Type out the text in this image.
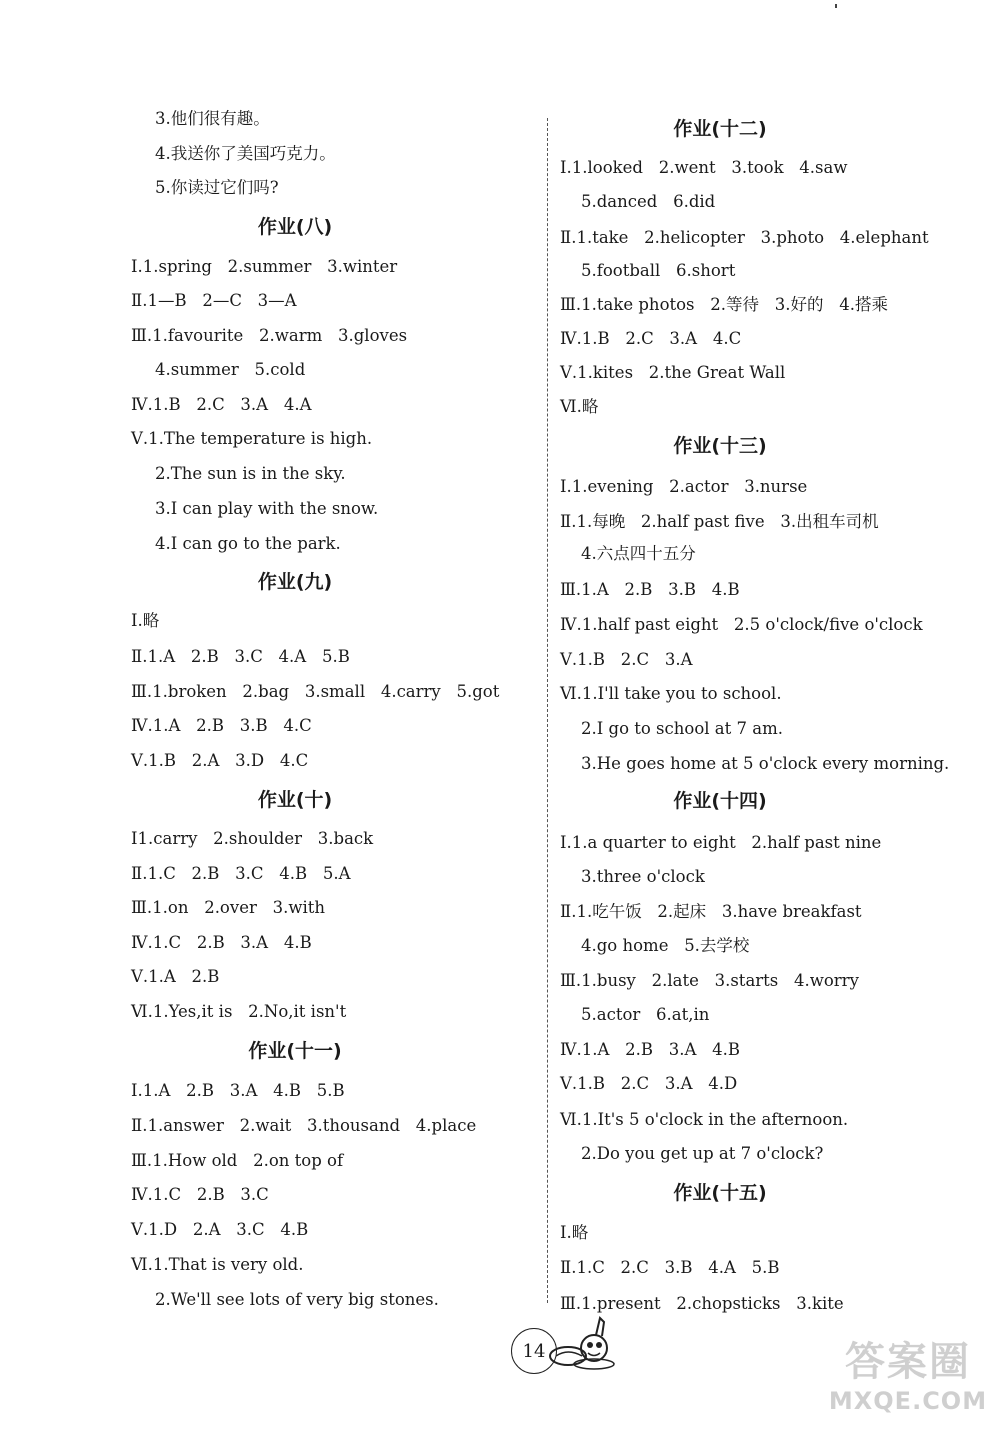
3.他们很有趣。
4.我送你了美国巧克力。
5.你读过它们吗?
作业(八)
Ⅰ.1.spring   2.summer   3.winter
Ⅱ.1—B   2—C   3—A
Ⅲ.1.favourite   2.warm   3.gloves
4.summer   5.cold
Ⅳ.1.B   2.C   3.A   4.A
Ⅴ.1.The temperature is high.
2.The sun is in the sky.
3.I can play with the snow.
4.I can go to the park.
作业(九)
Ⅰ.略
Ⅱ.1.A   2.B   3.C   4.A   5.B
Ⅲ.1.broken   2.bag   3.small   4.carry   5.got
Ⅳ.1.A   2.B   3.B   4.C
Ⅴ.1.B   2.A   3.D   4.C
作业(十)
Ⅰ1.carry   2.shoulder   3.back
Ⅱ.1.C   2.B   3.C   4.B   5.A
Ⅲ.1.on   2.over   3.with
Ⅳ.1.C   2.B   3.A   4.B
Ⅴ.1.A   2.B
Ⅵ.1.Yes,it is   2.No,it isn't
作业(十一)
Ⅰ.1.A   2.B   3.A   4.B   5.B
Ⅱ.1.answer   2.wait   3.thousand   4.place
Ⅲ.1.How old   2.on top of
Ⅳ.1.C   2.B   3.C
Ⅴ.1.D   2.A   3.C   4.B
Ⅵ.1.That is very old.
2.We'll see lots of very big stones.
作业(十二)
Ⅰ.1.looked   2.went   3.took   4.saw
5.danced   6.did
Ⅱ.1.take   2.helicopter   3.photo   4.elephant
5.football   6.short
Ⅲ.1.take photos   2.等待   3.好的   4.搭乘
Ⅳ.1.B   2.C   3.A   4.C
Ⅴ.1.kites   2.the Great Wall
Ⅵ.略
作业(十三)
Ⅰ.1.evening   2.actor   3.nurse
Ⅱ.1.每晚   2.half past five   3.出租车司机
4.六点四十五分
Ⅲ.1.A   2.B   3.B   4.B
Ⅳ.1.half past eight   2.5 o'clock/five o'clock
Ⅴ.1.B   2.C   3.A
Ⅵ.1.I'll take you to school.
2.I go to school at 7 am.
3.He goes home at 5 o'clock every morning.
作业(十四)
Ⅰ.1.a quarter to eight   2.half past nine
3.three o'clock
Ⅱ.1.吃午饭   2.起床   3.have breakfast
4.go home   5.去学校
Ⅲ.1.busy   2.late   3.starts   4.worry
5.actor   6.at,in
Ⅳ.1.A   2.B   3.A   4.B
Ⅴ.1.B   2.C   3.A   4.D
Ⅵ.1.It's 5 o'clock in the afternoon.
2.Do you get up at 7 o'clock?
作业(十五)
Ⅰ.略
Ⅱ.1.C   2.C   3.B   4.A   5.B
Ⅲ.1.present   2.chopsticks   3.kite
14	答案圈
MXQE.COM
